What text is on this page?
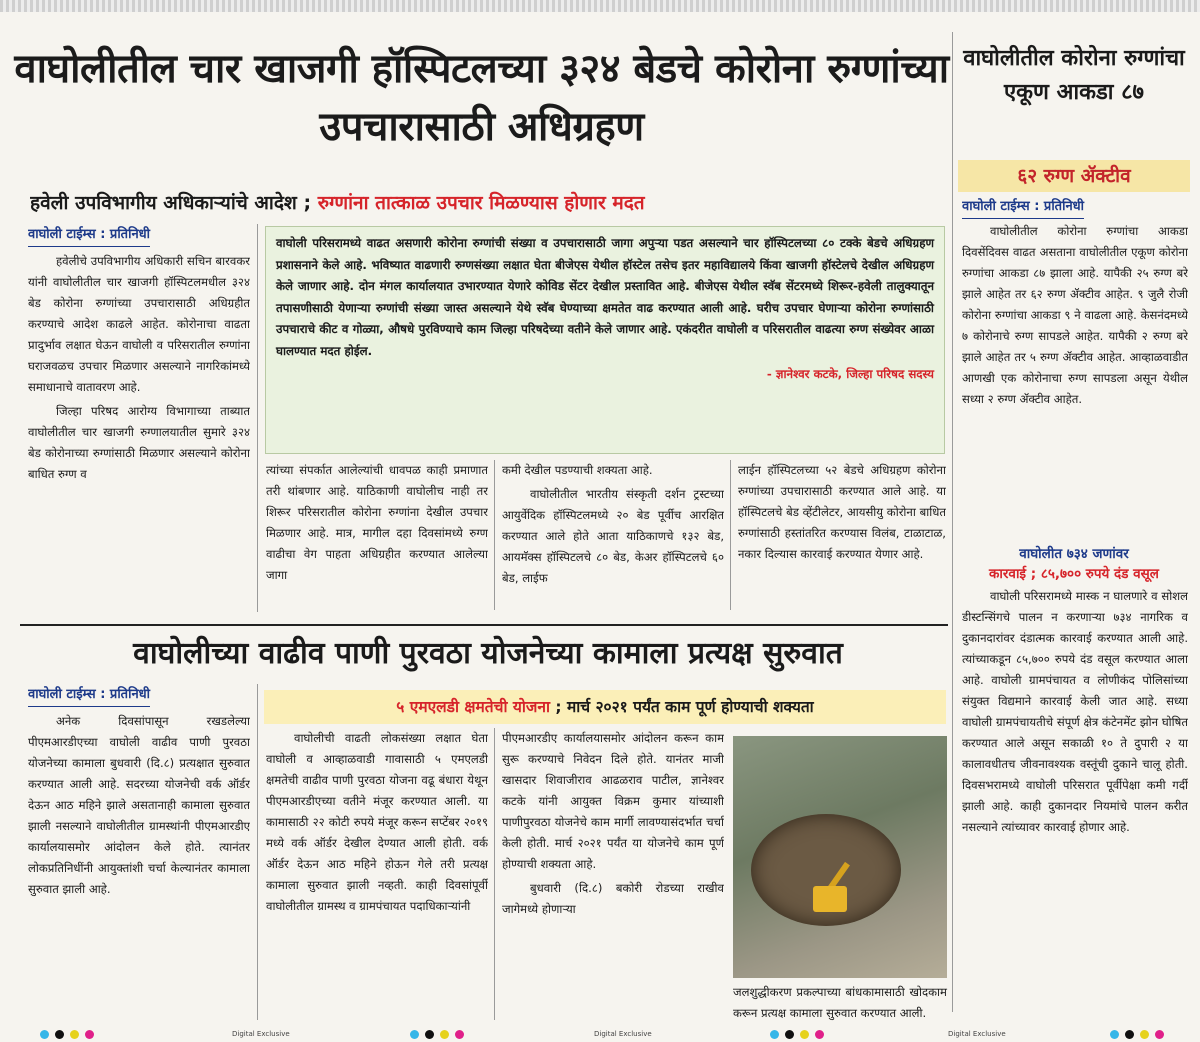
वाघोलीतील चार खाजगी हॉस्पिटलच्या ३२४ बेडचे कोरोना रुग्णांच्या उपचारासाठी अधिग्रहण
हवेली उपविभागीय अधिकाऱ्यांचे आदेश ; रुग्णांना तात्काळ उपचार मिळण्यास होणार मदत
वाघोली टाईम्स : प्रतिनिधी

हवेलीचे उपविभागीय अधिकारी सचिन बारवकर यांनी वाघोलीतील चार खाजगी हॉस्पिटलमधील ३२४ बेड कोरोना रुग्णांच्या उपचारासाठी अधिग्रहीत करण्याचे आदेश काढले आहेत. कोरोनाचा वाढता प्रादुर्भाव लक्षात घेऊन वाघोली व परिसरातील रुग्णांना घराजवळच उपचार मिळणार असल्याने नागरिकांमध्ये समाधानाचे वातावरण आहे.

जिल्हा परिषद आरोग्य विभागाच्या ताब्यात वाघोलीतील चार खाजगी रुग्णालयातील सुमारे ३२४ बेड कोरोनाच्या रुग्णांसाठी मिळणार असल्याने कोरोना बाधित रुग्ण व

वाघोली परिसरामध्ये वाढत असणारी कोरोना रुग्णांची संख्या व उपचारासाठी जागा अपुऱ्या पडत असल्याने चार हॉस्पिटलच्या ८० टक्के बेडचे अधिग्रहण प्रशासनाने केले आहे. भविष्यात वाढणारी रुग्णसंख्या लक्षात घेता बीजेएस येथील हॉस्टेल तसेच इतर महाविद्यालये किंवा खाजगी हॉस्टेलचे देखील अधिग्रहण केले जाणार आहे. दोन मंगल कार्यालयात उभारण्यात येणारे कोविड सेंटर देखील प्रस्तावित आहे. बीजेएस येथील स्वॅब सेंटरमध्ये शिरूर-हवेली तालुक्यातून तपासणीसाठी येणाऱ्या रुग्णांची संख्या जास्त असल्याने येथे स्वॅब घेण्याच्या क्षमतेत वाढ करण्यात आली आहे. घरीच उपचार घेणाऱ्या कोरोना रुग्णांसाठी उपचाराचे कीट व गोळ्या, औषधे पुरविण्याचे काम जिल्हा परिषदेच्या वतीने केले जाणार आहे. एकंदरीत वाघोली व परिसरातील वाढत्या रुग्ण संख्येवर आळा घालण्यात मदत होईल.
- ज्ञानेश्वर कटके, जिल्हा परिषद सदस्य

त्यांच्या संपर्कात आलेल्यांची धावपळ काही प्रमाणात तरी थांबणार आहे. याठिकाणी वाघोलीच नाही तर शिरूर परिसरातील कोरोना रुग्णांना देखील उपचार मिळणार आहे. मात्र, मागील दहा दिवसांमध्ये रुग्ण वाढीचा वेग पाहता अधिग्रहीत करण्यात आलेल्या जागा

कमी देखील पडण्याची शक्यता आहे.

वाघोलीतील भारतीय संस्कृती दर्शन ट्रस्टच्या आयुर्वेदिक हॉस्पिटलमध्ये २० बेड पूर्वीच आरक्षित करण्यात आले होते आता याठिकाणचे १३२ बेड, आयमॅक्स हॉस्पिटलचे ८० बेड, केअर हॉस्पिटलचे ६० बेड, लाईफ

लाईन हॉस्पिटलच्या ५२ बेडचे अधिग्रहण कोरोना रुग्णांच्या उपचारासाठी करण्यात आले आहे. या हॉस्पिटलचे बेड व्हेंटीलेटर, आयसीयु कोरोना बाधित रुग्णांसाठी हस्तांतरित करण्यास विलंब, टाळाटाळ, नकार दिल्यास कारवाई करण्यात येणार आहे.

वाघोलीतील कोरोना रुग्णांचा एकूण आकडा ८७
६२ रुग्ण ॲक्टीव
वाघोली टाईम्स : प्रतिनिधी

वाघोलीतील कोरोना रुग्णांचा आकडा दिवसेंदिवस वाढत असताना वाघोलीतील एकूण कोरोना रुग्णांचा आकडा ८७ झाला आहे. यापैकी २५ रुग्ण बरे झाले आहेत तर ६२ रुग्ण ॲक्टीव आहेत. ९ जुलै रोजी कोरोना रुग्णांचा आकडा ९ ने वाढला आहे. केसनंदमध्ये ७ कोरोनाचे रुग्ण सापडले आहेत. यापैकी २ रुग्ण बरे झाले आहेत तर ५ रुग्ण ॲक्टीव आहेत. आव्हाळवाडीत आणखी एक कोरोनाचा रुग्ण सापडला असून येथील सध्या २ रुग्ण ॲक्टीव आहेत.

वाघोलीत ७३४ जणांवर
कारवाई ; ८५,७०० रुपये दंड वसूल

वाघोली परिसरामध्ये मास्क न घालणारे व सोशल डीस्टन्सिंगचे पालन न करणाऱ्या ७३४ नागरिक व दुकानदारांवर दंडात्मक कारवाई करण्यात आली आहे. त्यांच्याकडून ८५,७०० रुपये दंड वसूल करण्यात आला आहे. वाघोली ग्रामपंचायत व लोणीकंद पोलिसांच्या संयुक्त विद्यमाने कारवाई केली जात आहे. सध्या वाघोली ग्रामपंचायतीचे संपूर्ण क्षेत्र कंटेनमेंट झोन घोषित करण्यात आले असून सकाळी १० ते दुपारी २ या कालावधीतच जीवनावश्यक वस्तूंची दुकाने चालू होती. दिवसभरामध्ये वाघोली परिसरात पूर्वीपेक्षा कमी गर्दी झाली आहे. काही दुकानदार नियमांचे पालन करीत नसल्याने त्यांच्यावर कारवाई होणार आहे.

वाघोलीच्या वाढीव पाणी पुरवठा योजनेच्या कामाला प्रत्यक्ष सुरुवात
५ एमएलडी क्षमतेची योजना ; मार्च २०२१ पर्यंत काम पूर्ण होण्याची शक्यता
वाघोली टाईम्स : प्रतिनिधी

अनेक दिवसांपासून रखडलेल्या पीएमआरडीएच्या वाघोली वाढीव पाणी पुरवठा योजनेच्या कामाला बुधवारी (दि.८) प्रत्यक्षात सुरुवात करण्यात आली आहे. सदरच्या योजनेची वर्क ऑर्डर देऊन आठ महिने झाले असतानाही कामाला सुरुवात झाली नसल्याने वाघोलीतील ग्रामस्थांनी पीएमआरडीए कार्यालयासमोर आंदोलन केले होते. त्यानंतर लोकप्रतिनिधींनी आयुक्तांशी चर्चा केल्यानंतर कामाला सुरुवात झाली आहे.

वाघोलीची वाढती लोकसंख्या लक्षात घेता वाघोली व आव्हाळवाडी गावासाठी ५ एमएलडी क्षमतेची वाढीव पाणी पुरवठा योजना वढू बंधारा येथून पीएमआरडीएच्या वतीने मंजूर करण्यात आली. या कामासाठी २२ कोटी रुपये मंजूर करून सप्टेंबर २०१९ मध्ये वर्क ऑर्डर देखील देण्यात आली होती. वर्क ऑर्डर देऊन आठ महिने होऊन गेले तरी प्रत्यक्ष कामाला सुरुवात झाली नव्हती. काही दिवसांपूर्वी वाघोलीतील ग्रामस्थ व ग्रामपंचायत पदाधिकाऱ्यांनी

पीएमआरडीए कार्यालयासमोर आंदोलन करून काम सुरू करण्याचे निवेदन दिले होते. यानंतर माजी खासदार शिवाजीराव आढळराव पाटील, ज्ञानेश्वर कटके यांनी आयुक्त विक्रम कुमार यांच्याशी पाणीपुरवठा योजनेचे काम मार्गी लावण्यासंदर्भात चर्चा केली होती. मार्च २०२१ पर्यंत या योजनेचे काम पूर्ण होण्याची शक्यता आहे.

बुधवारी (दि.८) बकोरी रोडच्या राखीव जागेमध्ये होणाऱ्या

जलशुद्धीकरण प्रकल्पाच्या बांधकामासाठी खोदकाम करून प्रत्यक्ष कामाला सुरुवात करण्यात आली.
Digital Exclusive	Digital Exclusive	Digital Exclusive
